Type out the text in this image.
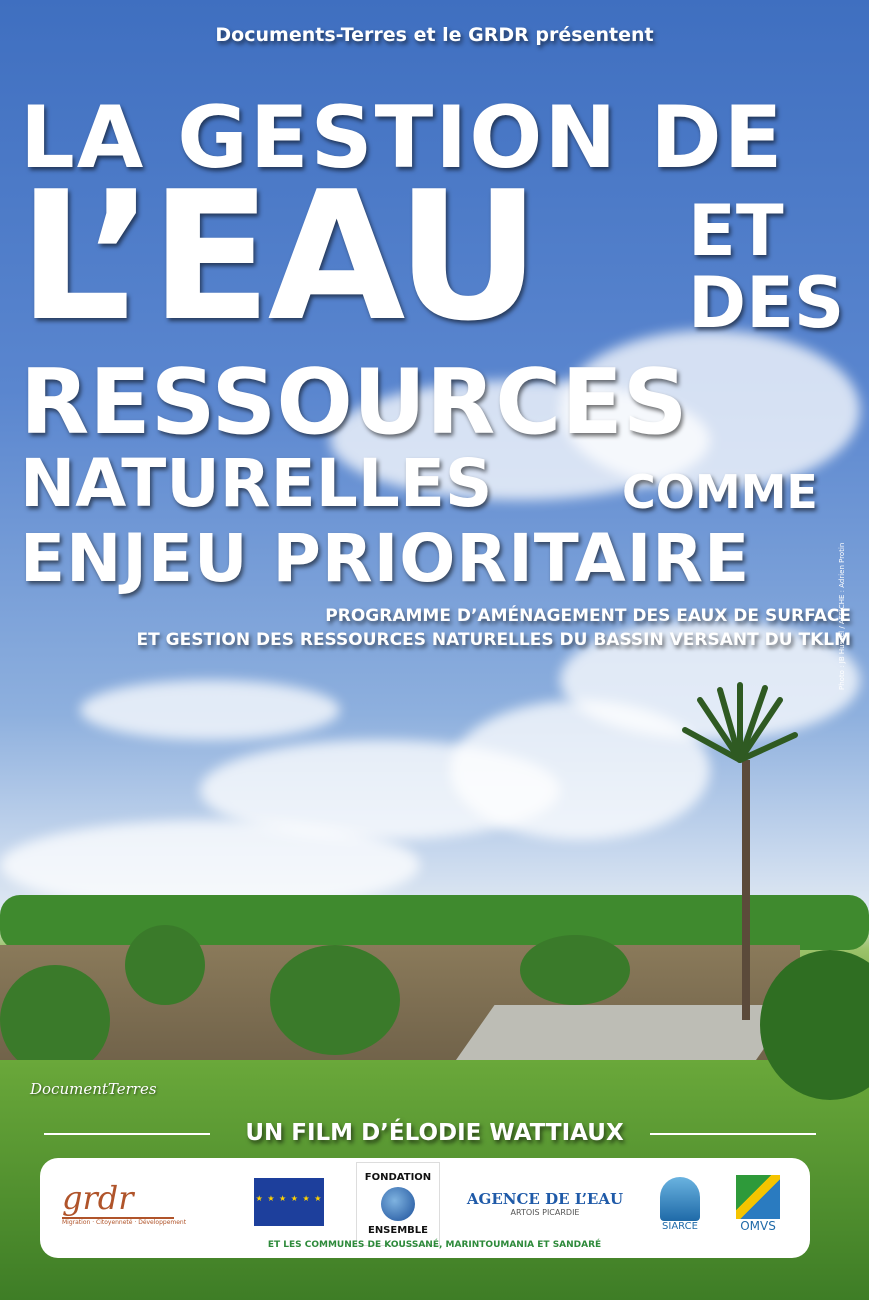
Documents-Terres et le GRDR présentent
LA GESTION DE
L’EAU ET
DES
RESSOURCES
NATURELLES	COMME
ENJEU PRIORITAIRE
PROGRAMME D’AMÉNAGEMENT DES EAUX DE SURFACE
ET GESTION DES RESSOURCES NATURELLES DU BASSIN VERSANT DU TKLM
Photo : JB Hussel / AFFICHE : Adrien Protin
DocumentTerres
UN FILM D’ÉLODIE WATTIAUX
grdr
Migration · Citoyenneté · Développement
★ ★ ★ ★ ★ ★
FONDATION
ENSEMBLE
AGENCE DE L’EAU
ARTOIS PICARDIE
SIARCE	OMVS
ET LES COMMUNES DE KOUSSANÉ, MARINTOUMANIA ET SANDARÉ
